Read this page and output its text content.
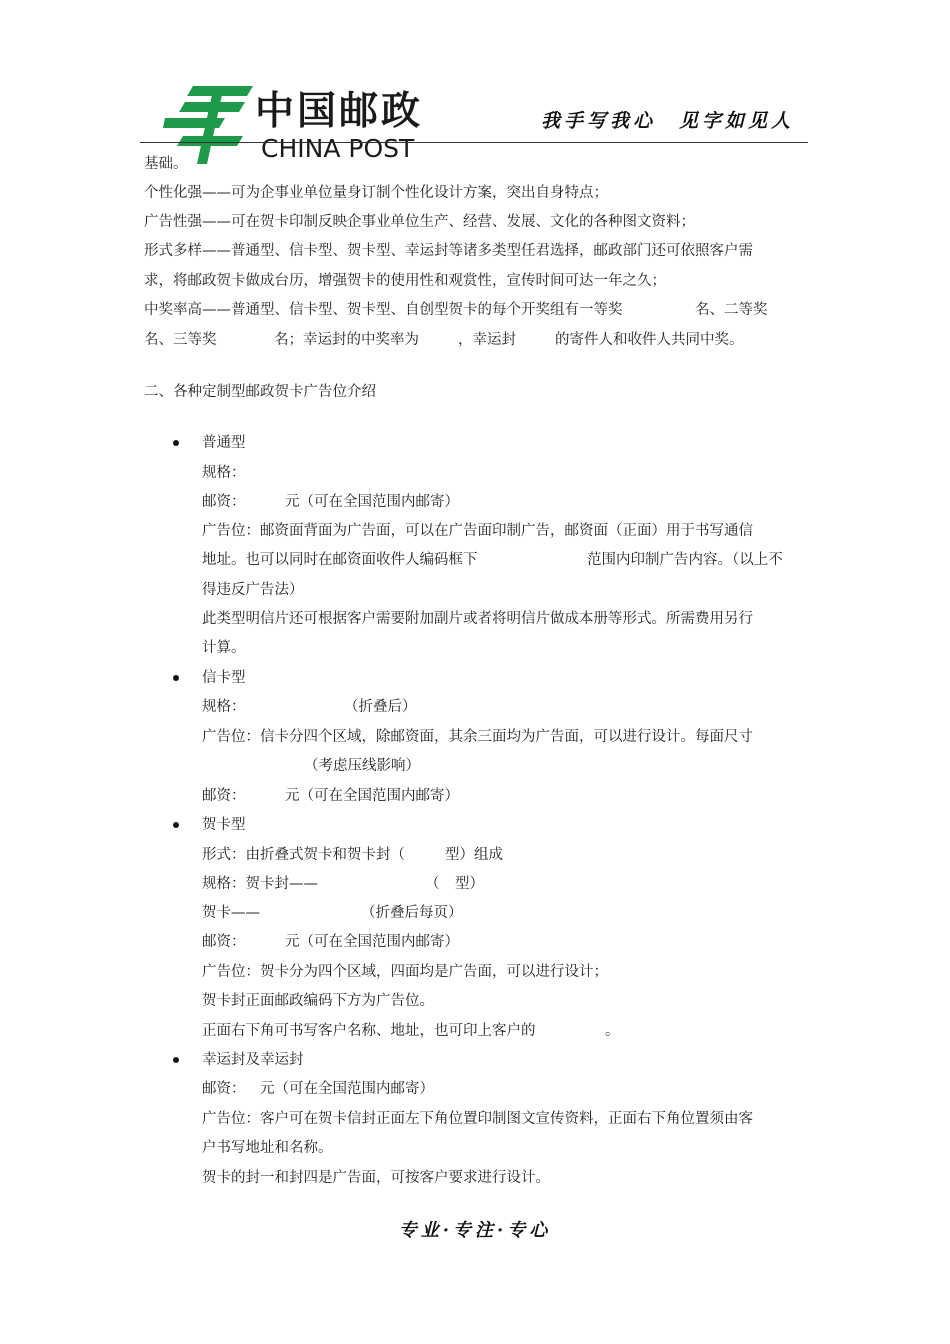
中国邮政
CHINA POST
我手写我心　见字如见人
基础。
个性化强——可为企事业单位量身订制个性化设计方案，突出自身特点；
广告性强——可在贺卡印制反映企事业单位生产、经营、发展、文化的各种图文资料；
形式多样——普通型、信卡型、贺卡型、幸运封等诸多类型任君选择，邮政部门还可依照客户需
求，将邮政贺卡做成台历，增强贺卡的使用性和观赏性，宣传时间可达一年之久；
中奖率高——普通型、信卡型、贺卡型、自创型贺卡的每个开奖组有一等奖	名、二等奖
名、三等奖	名；幸运封的中奖率为	，幸运封	的寄件人和收件人共同中奖。
二、各种定制型邮政贺卡广告位介绍
普通型
规格：
邮资：	元（可在全国范围内邮寄）
广告位：邮资面背面为广告面，可以在广告面印制广告，邮资面（正面）用于书写通信
地址。也可以同时在邮资面收件人编码框下	范围内印制广告内容。（以上不
得违反广告法）
此类型明信片还可根据客户需要附加副片或者将明信片做成本册等形式。所需费用另行
计算。
信卡型
规格：	（折叠后）
广告位：信卡分四个区域，除邮资面，其余三面均为广告面，可以进行设计。每面尺寸
（考虑压线影响）
邮资：	元（可在全国范围内邮寄）
贺卡型
形式：由折叠式贺卡和贺卡封（	型）组成
规格：贺卡封——	（ 型）
贺卡——	（折叠后每页）
邮资：	元（可在全国范围内邮寄）
广告位：贺卡分为四个区域，四面均是广告面，可以进行设计；
贺卡封正面邮政编码下方为广告位。
正面右下角可书写客户名称、地址，也可印上客户的	。
幸运封及幸运封
邮资： 元（可在全国范围内邮寄）
广告位：客户可在贺卡信封正面左下角位置印制图文宣传资料，正面右下角位置须由客
户书写地址和名称。
贺卡的封一和封四是广告面，可按客户要求进行设计。
专业·专注·专心
